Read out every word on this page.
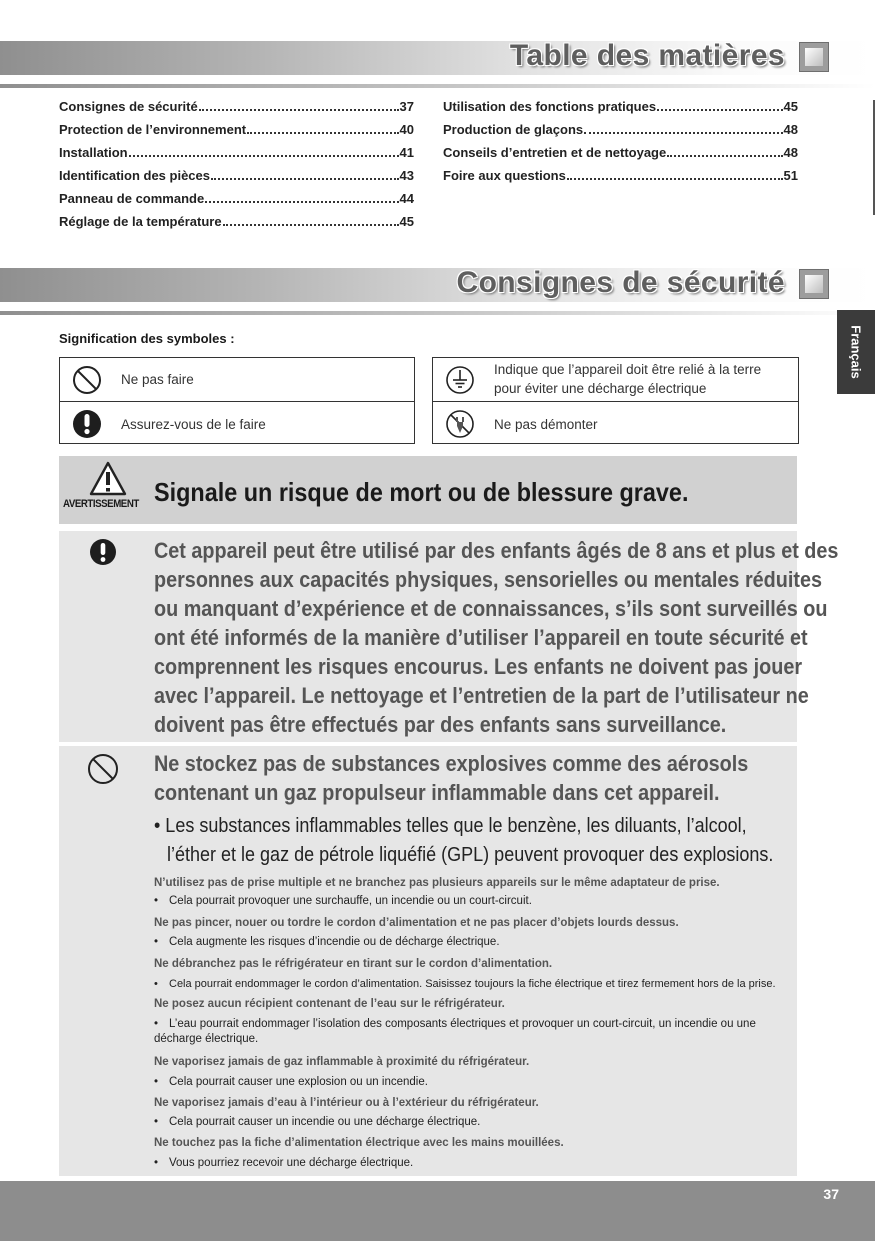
Table des matières
Consignes de sécurité	37
Protection de l’environnement	40
Installation	41
Identification des pièces	43
Panneau de commande	44
Réglage de la température	45
Utilisation des fonctions pratiques	45
Production de glaçons	48
Conseils d’entretien et de nettoyage	48
Foire aux questions	51
Consignes de sécurité
Français
Signification des symboles :
Ne pas faire
Assurez-vous de le faire
Indique que l’appareil doit être relié à la terre
pour éviter une décharge électrique
Ne pas démonter
AVERTISSEMENT Signale un risque de mort ou de blessure grave.
Cet appareil peut être utilisé par des enfants âgés de 8 ans et plus et des
personnes aux capacités physiques, sensorielles ou mentales réduites
ou manquant d’expérience et de connaissances, s’ils sont surveillés ou
ont été informés de la manière d’utiliser l’appareil en toute sécurité et
comprennent les risques encourus. Les enfants ne doivent pas jouer
avec l’appareil. Le nettoyage et l’entretien de la part de l’utilisateur ne
doivent pas être effectués par des enfants sans surveillance.
Ne stockez pas de substances explosives comme des aérosols
contenant un gaz propulseur inflammable dans cet appareil.
• Les substances inflammables telles que le benzène, les diluants, l’alcool,
l’éther et le gaz de pétrole liquéfié (GPL) peuvent provoquer des explosions.
N’utilisez pas de prise multiple et ne branchez pas plusieurs appareils sur le même adaptateur de prise.
• Cela pourrait provoquer une surchauffe, un incendie ou un court-circuit.
Ne pas pincer, nouer ou tordre le cordon d’alimentation et ne pas placer d’objets lourds dessus.
• Cela augmente les risques d’incendie ou de décharge électrique.
Ne débranchez pas le réfrigérateur en tirant sur le cordon d’alimentation.
• Cela pourrait endommager le cordon d’alimentation. Saisissez toujours la fiche électrique et tirez fermement hors de la prise.
Ne posez aucun récipient contenant de l’eau sur le réfrigérateur.
• L’eau pourrait endommager l’isolation des composants électriques et provoquer un court-circuit, un incendie ou une
décharge électrique.
Ne vaporisez jamais de gaz inflammable à proximité du réfrigérateur.
• Cela pourrait causer une explosion ou un incendie.
Ne vaporisez jamais d’eau à l’intérieur ou à l’extérieur du réfrigérateur.
• Cela pourrait causer un incendie ou une décharge électrique.
Ne touchez pas la fiche d’alimentation électrique avec les mains mouillées.
• Vous pourriez recevoir une décharge électrique.
37
